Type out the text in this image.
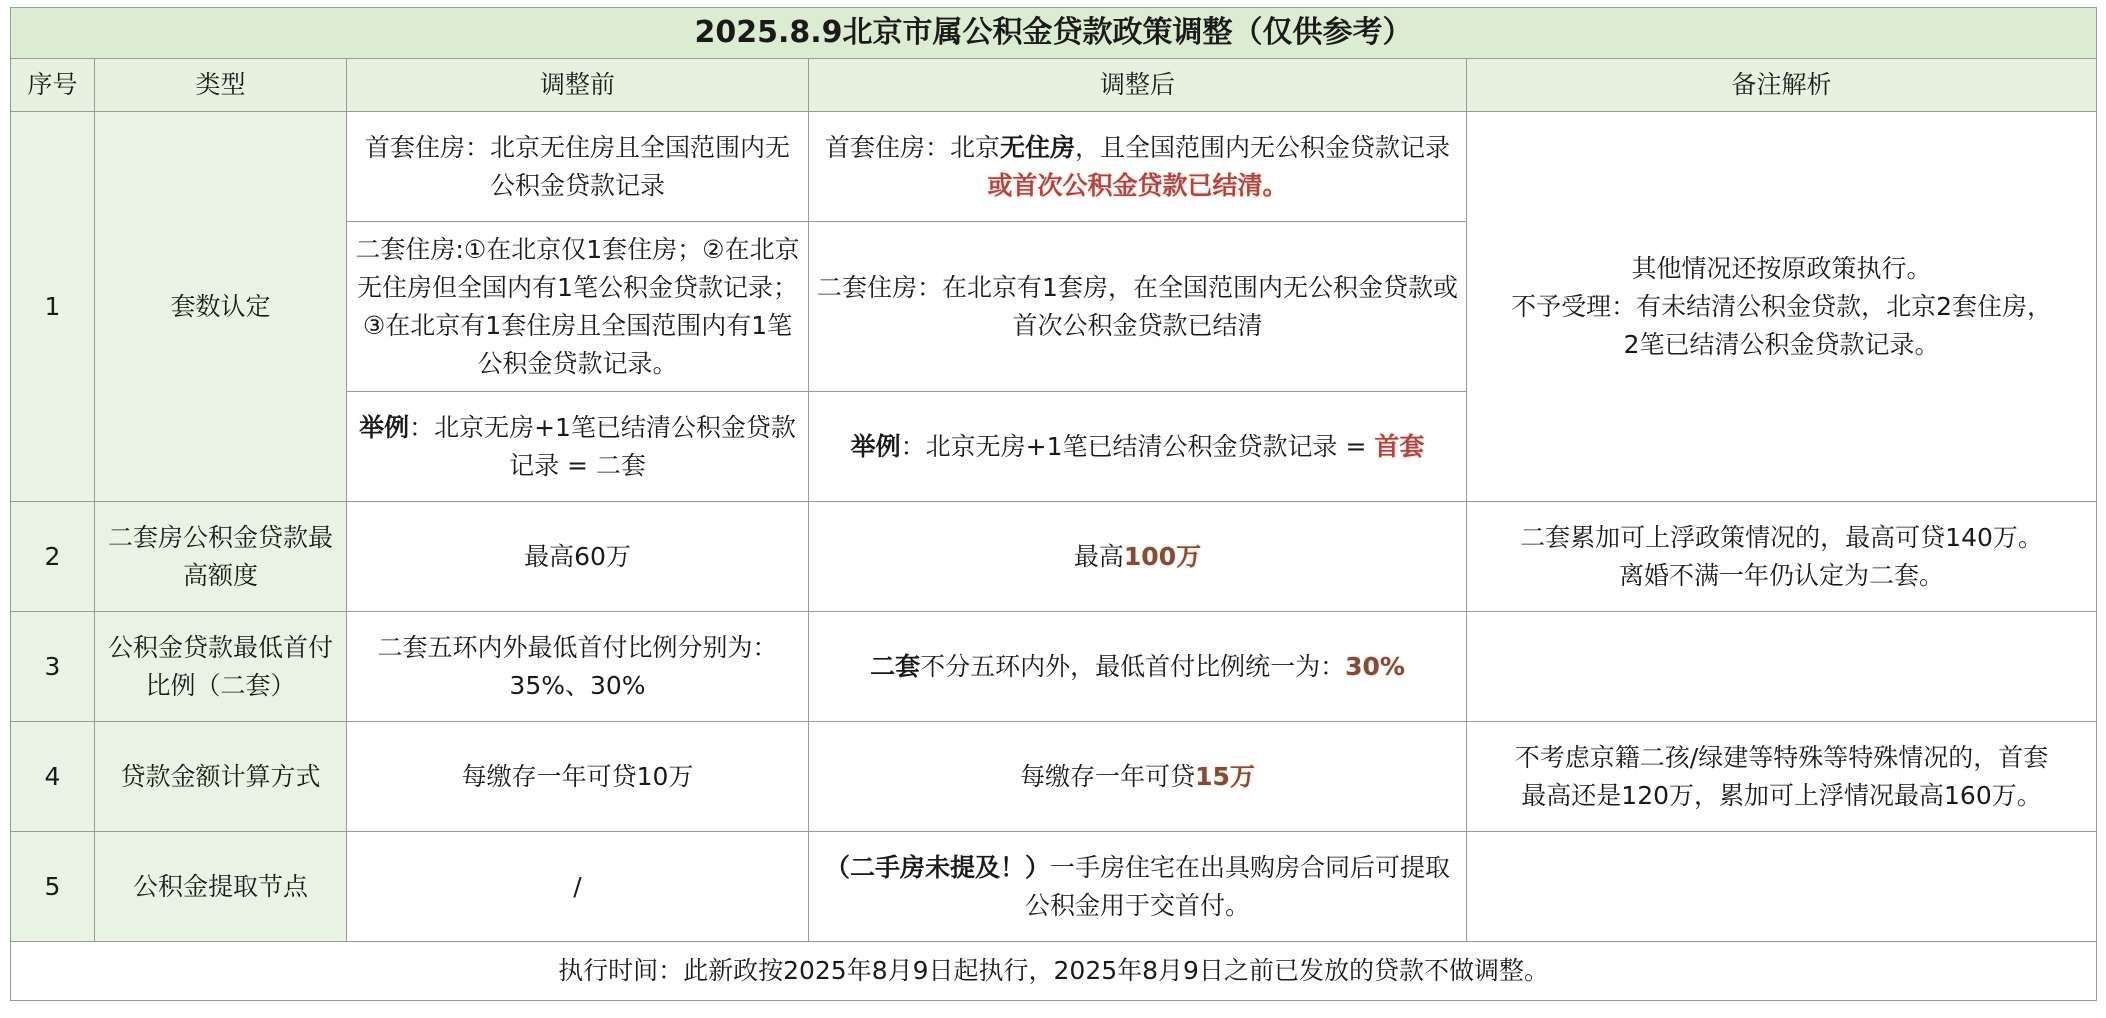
2025.8.9北京市属公积金贷款政策调整（仅供参考）				
序号	类型	调整前	调整后	备注解析
1	套数认定	首套住房：北京无住房且全国范围内无公积金贷款记录	首套住房：北京无住房，且全国范围内无公积金贷款记录或首次公积金贷款已结清。	其他情况还按原政策执行。
不予受理：有未结清公积金贷款，北京2套住房，
2笔已结清公积金贷款记录。

		二套住房:①在北京仅1套住房；②在北京无住房但全国内有1笔公积金贷款记录；③在北京有1套住房且全国范围内有1笔公积金贷款记录。	二套住房：在北京有1套房，在全国范围内无公积金贷款或首次公积金贷款已结清	
		举例：北京无房+1笔已结清公积金贷款记录 = 二套	举例：北京无房+1笔已结清公积金贷款记录 = 首套	
2	二套房公积金贷款最高额度	最高60万	最高100万	二套累加可上浮政策情况的，最高可贷140万。
离婚不满一年仍认定为二套。

3	公积金贷款最低首付比例（二套）	二套五环内外最低首付比例分别为：35%、30%	二套不分五环内外，最低首付比例统一为：30%	
4	贷款金额计算方式	每缴存一年可贷10万	每缴存一年可贷15万	不考虑京籍二孩/绿建等特殊等特殊情况的，首套
最高还是120万，累加可上浮情况最高160万。

5	公积金提取节点	/	（二手房未提及！）一手房住宅在出具购房合同后可提取公积金用于交首付。	
执行时间：此新政按2025年8月9日起执行，2025年8月9日之前已发放的贷款不做调整。				
